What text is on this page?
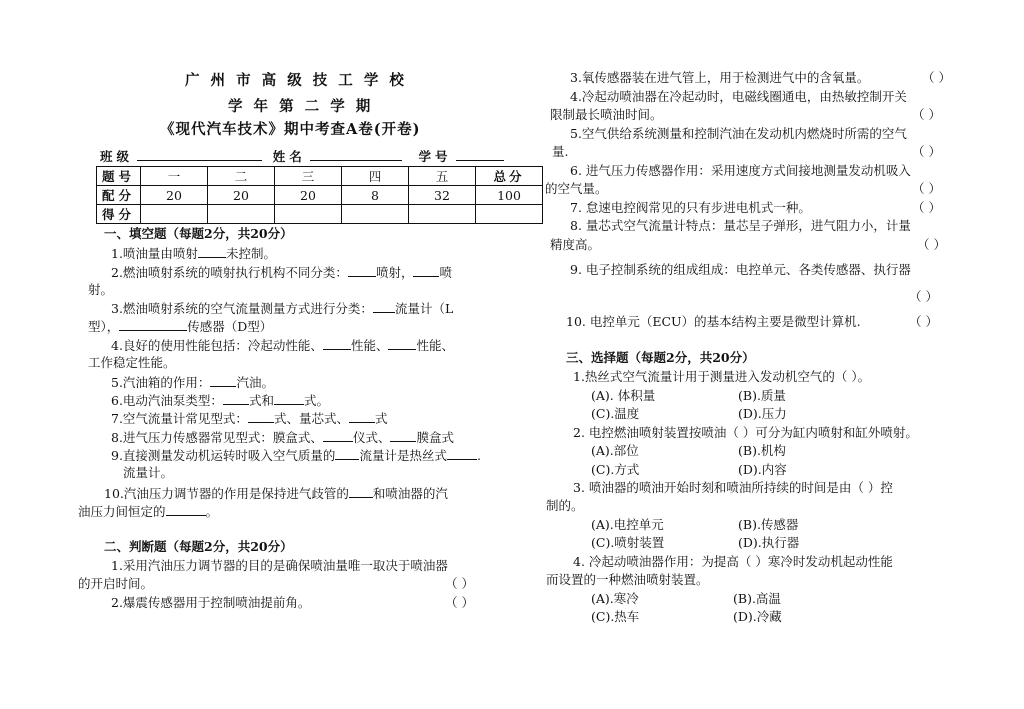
广 州 市 高 级 技 工 学 校
学 年 第 二 学 期
《现代汽车技术》期中考查A卷(开卷)
班级	姓名	学号
题号	一	二	三	四	五	总分
配分	20	20	20	8	32	100
得分						
一、填空题（每题2分，共20分）
1.喷油量由喷射 未控制。
2.燃油喷射系统的喷射执行机构不同分类： 喷射， 喷
射。
3.燃油喷射系统的空气流量测量方式进行分类： 流量计（L
型），	传感器（D型）
4.良好的使用性能包括：冷起动性能、 性能、 性能、
工作稳定性能。
5.汽油箱的作用： 汽油。
6.电动汽油泵类型： 式和 式。
7.空气流量计常见型式： 式、量芯式、 式
8.进气压力传感器常见型式：膜盒式、 仪式、 膜盒式
9.直接测量发动机运转时吸入空气质量的 流量计是热丝式 .
流量计。
10.汽油压力调节器的作用是保持进气歧管的 和喷油器的汽
油压力间恒定的	。
二、判断题（每题2分，共20分）
1.采用汽油压力调节器的目的是确保喷油量唯一取决于喷油器
的开启时间。	（ ）
2.爆震传感器用于控制喷油提前角。	（ ）
3.氧传感器装在进气管上，用于检测进气中的含氧量。	（ ）
4.冷起动喷油器在冷起动时，电磁线圈通电，由热敏控制开关
限制最长喷油时间。	（ ）
5.空气供给系统测量和控制汽油在发动机内燃烧时所需的空气
量.	（ ）
6. 进气压力传感器作用：采用速度方式间接地测量发动机吸入
的空气量。	（ ）
7. 怠速电控阀常见的只有步进电机式一种。	（ ）
8. 量芯式空气流量计特点：量芯呈子弹形，进气阻力小，计量
精度高。	（ ）
9. 电子控制系统的组成组成：电控单元、各类传感器、执行器
（ ）
10. 电控单元（ECU）的基本结构主要是微型计算机.	（ ）
三、选择题（每题2分，共20分）
1.热丝式空气流量计用于测量进入发动机空气的（ ）。
(A). 体积量	(B).质量
(C).温度	(D).压力
2. 电控燃油喷射装置按喷油（ ）可分为缸内喷射和缸外喷射。
(A).部位	(B).机构
(C).方式	(D).内容
3. 喷油器的喷油开始时刻和喷油所持续的时间是由（ ）控
制的。
(A).电控单元	(B).传感器
(C).喷射装置	(D).执行器
4. 冷起动喷油器作用：为提高（ ）寒冷时发动机起动性能
而设置的一种燃油喷射装置。
(A).寒冷	(B).高温
(C).热车	(D).冷藏
